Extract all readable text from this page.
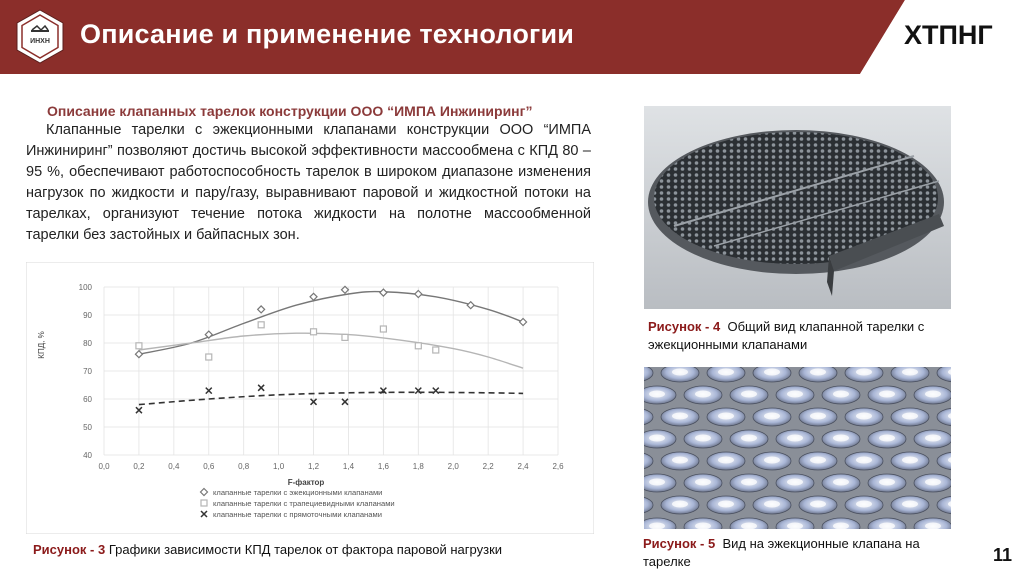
ИНХН Описание и применение технологии	ХТПНГ
Описание клапанных тарелок конструкции ООО “ИМПА Инжиниринг”
Клапанные тарелки с эжекционными клапанами конструкции ООО “ИМПА Инжиниринг” позволяют достичь высокой эффективности массообмена с КПД 80 – 95 %, обеспечивают работоспособность тарелок в широком диапазоне изменения нагрузок по жидкости и пару/газу, выравнивают паровой и жидкостной потоки на тарелках, организуют течение потока жидкости на полотне массообменной тарелки без застойных и байпасных зон.
0,0	0,2	0,4	0,6	0,8	1,0	1,2	1,4	1,6	1,8	2,0	2,2	2,4	2,6
40
50
60
70
80
90
100
F-фактор
КПД, %
клапанные тарелки с эжекционными клапанами
клапанные тарелки с трапециевидными клапанами
клапанные тарелки с прямоточными клапанами
Рисунок - 3 Графики зависимости КПД тарелок от фактора паровой нагрузки
Рисунок - 4 Общий вид клапанной тарелки с эжекционными клапанами
Рисунок - 5 Вид на эжекционные клапана на тарелке	11
